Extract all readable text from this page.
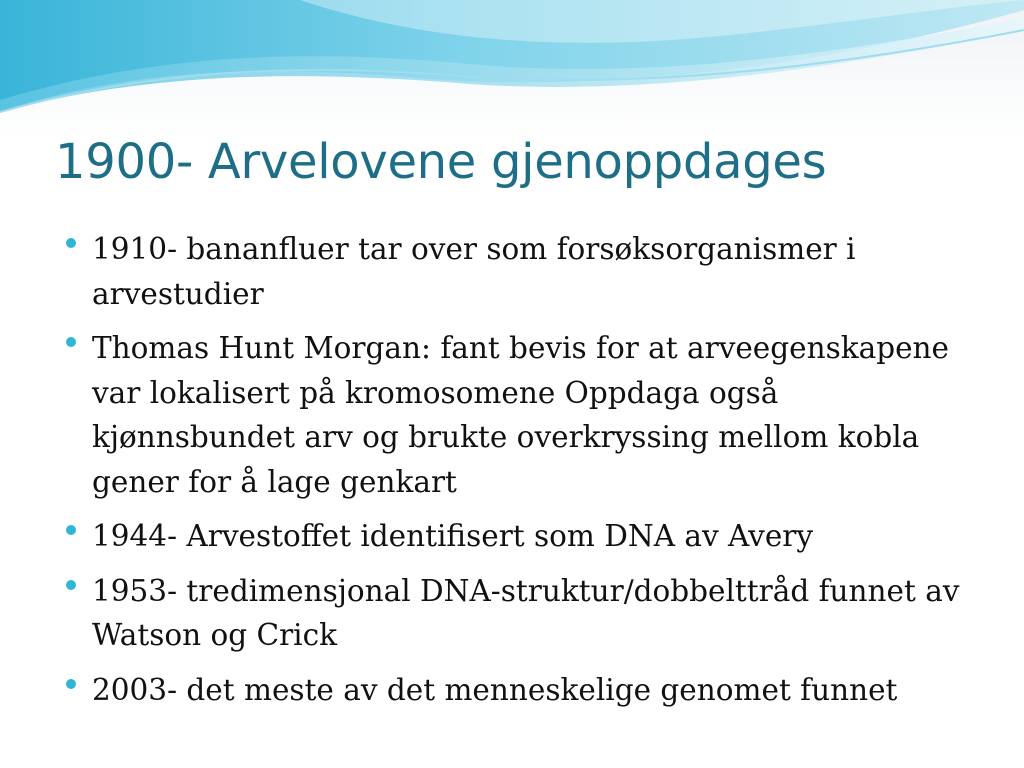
1900- Arvelovene gjenoppdages
1910- bananfluer tar over som forsøksorganismer i arvestudier
Thomas Hunt Morgan: fant bevis for at arveegenskapene var lokalisert på kromosomene Oppdaga også kjønnsbundet arv og brukte overkryssing mellom kobla gener for å lage genkart
1944- Arvestoffet identifisert som DNA av Avery
1953- tredimensjonal DNA-struktur/dobbelttråd funnet av Watson og Crick
2003- det meste av det menneskelige genomet funnet
